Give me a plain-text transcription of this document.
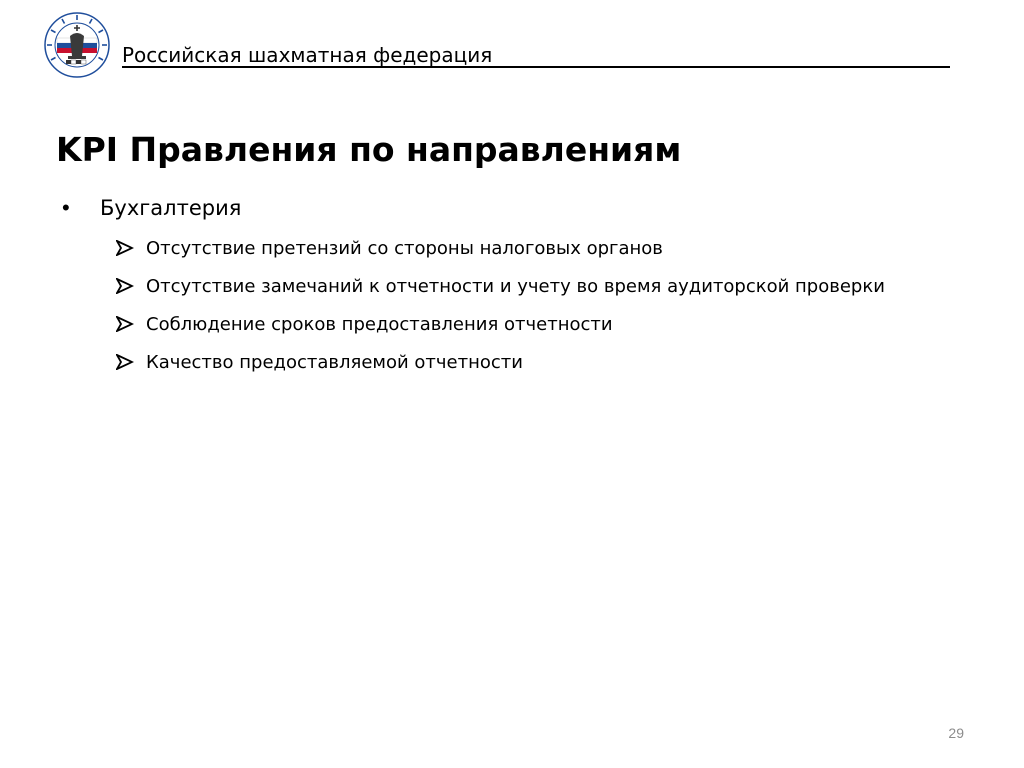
Российская шахматная федерация
KPI Правления по направлениям
•	Бухгалтерия
Отсутствие претензий со стороны налоговых органов
Отсутствие замечаний к отчетности и учету во время аудиторской проверки
Соблюдение сроков предоставления отчетности
Качество предоставляемой отчетности
29
